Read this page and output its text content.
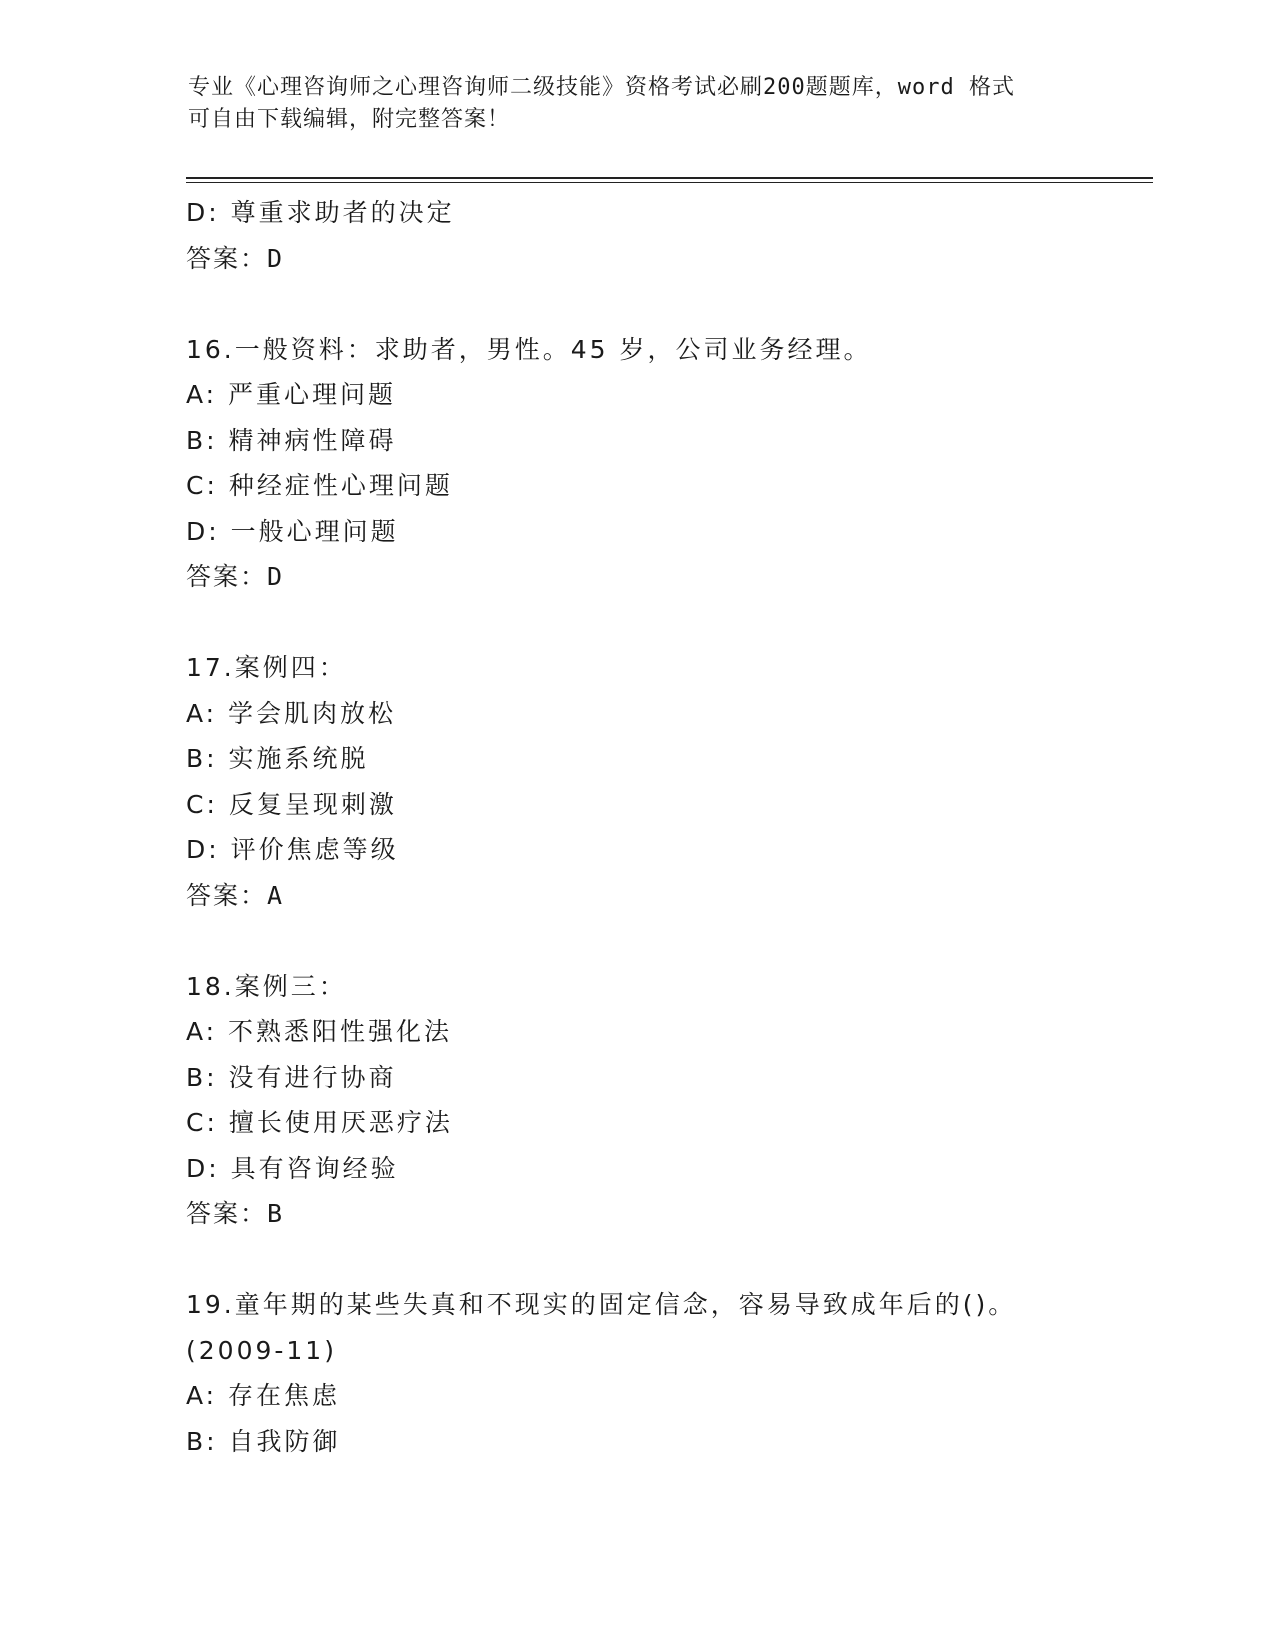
专业《心理咨询师之心理咨询师二级技能》资格考试必刷200题题库，word 格式
可自由下载编辑，附完整答案！
D: 尊重求助者的决定
答案：D
16.一般资料：求助者，男性。45 岁，公司业务经理。
A: 严重心理问题
B: 精神病性障碍
C: 种经症性心理问题
D: 一般心理问题
答案：D
17.案例四：
A: 学会肌肉放松
B: 实施系统脱
C: 反复呈现刺激
D: 评价焦虑等级
答案：A
18.案例三：
A: 不熟悉阳性强化法
B: 没有进行协商
C: 擅长使用厌恶疗法
D: 具有咨询经验
答案：B
19.童年期的某些失真和不现实的固定信念，容易导致成年后的()。
(2009-11)
A: 存在焦虑
B: 自我防御
